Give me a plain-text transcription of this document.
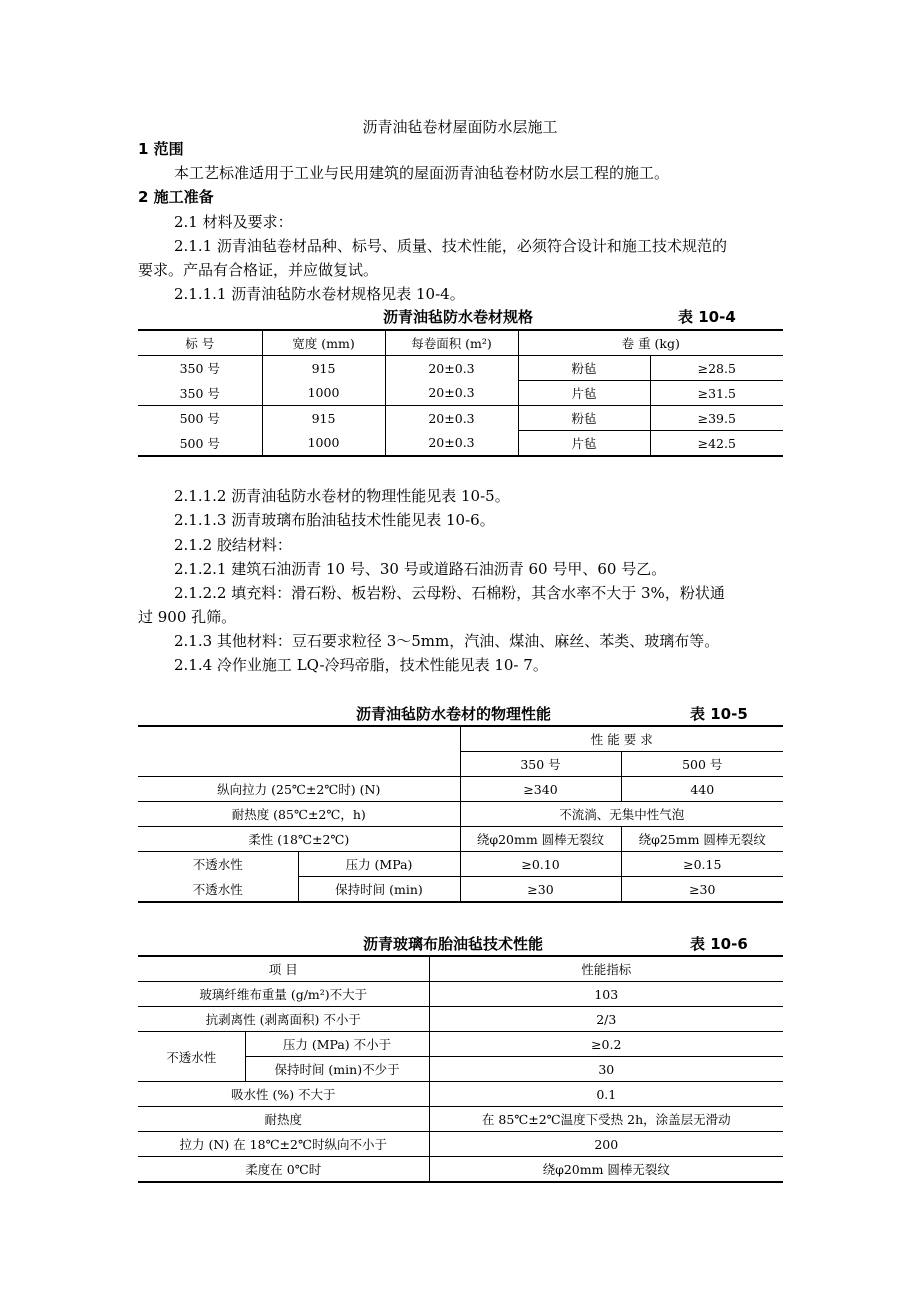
沥青油毡卷材屋面防水层施工
1 范围
本工艺标准适用于工业与民用建筑的屋面沥青油毡卷材防水层工程的施工。
2 施工准备
2.1 材料及要求：
2.1.1 沥青油毡卷材品种、标号、质量、技术性能，必须符合设计和施工技术规范的
要求。产品有合格证，并应做复试。
2.1.1.1 沥青油毡防水卷材规格见表 10-4。
沥青油毡防水卷材规格	表 10-4
标 号	宽度 (mm)	每卷面积 (m²)	卷 重 (kg)	
350 号	915	20±0.3	粉毡	≥28.5
350 号	1000	20±0.3	片毡	≥31.5
500 号	915	20±0.3	粉毡	≥39.5
500 号	1000	20±0.3	片毡	≥42.5
2.1.1.2 沥青油毡防水卷材的物理性能见表 10-5。
2.1.1.3 沥青玻璃布胎油毡技术性能见表 10-6。
2.1.2 胶结材料：
2.1.2.1 建筑石油沥青 10 号、30 号或道路石油沥青 60 号甲、60 号乙。
2.1.2.2 填充料：滑石粉、板岩粉、云母粉、石棉粉，其含水率不大于 3%，粉状通
过 900 孔筛。
2.1.3 其他材料：豆石要求粒径 3～5mm，汽油、煤油、麻丝、苯类、玻璃布等。
2.1.4 冷作业施工 LQ-冷玛帝脂，技术性能见表 10- 7。
沥青油毡防水卷材的物理性能	表 10-5
		性 能 要 求	
		350 号	500 号
纵向拉力 (25℃±2℃时) (N)		≥340	440
耐热度 (85℃±2℃，h)		不流淌、无集中性气泡	
柔性 (18℃±2℃)		绕φ20mm 圆棒无裂纹	绕φ25mm 圆棒无裂纹
不透水性	压力 (MPa)	≥0.10	≥0.15
不透水性	保持时间 (min)	≥30	≥30
沥青玻璃布胎油毡技术性能	表 10-6
项 目		性能指标
玻璃纤维布重量 (g/m²)不大于		103
抗剥离性 (剥离面积) 不小于		2/3
不透水性	压力 (MPa) 不小于	≥0.2
	保持时间 (min)不少于	30
吸水性 (%) 不大于		0.1
耐热度		在 85℃±2℃温度下受热 2h，涂盖层无滑动
拉力 (N) 在 18℃±2℃时纵向不小于		200
柔度在 0℃时		绕φ20mm 圆棒无裂纹
